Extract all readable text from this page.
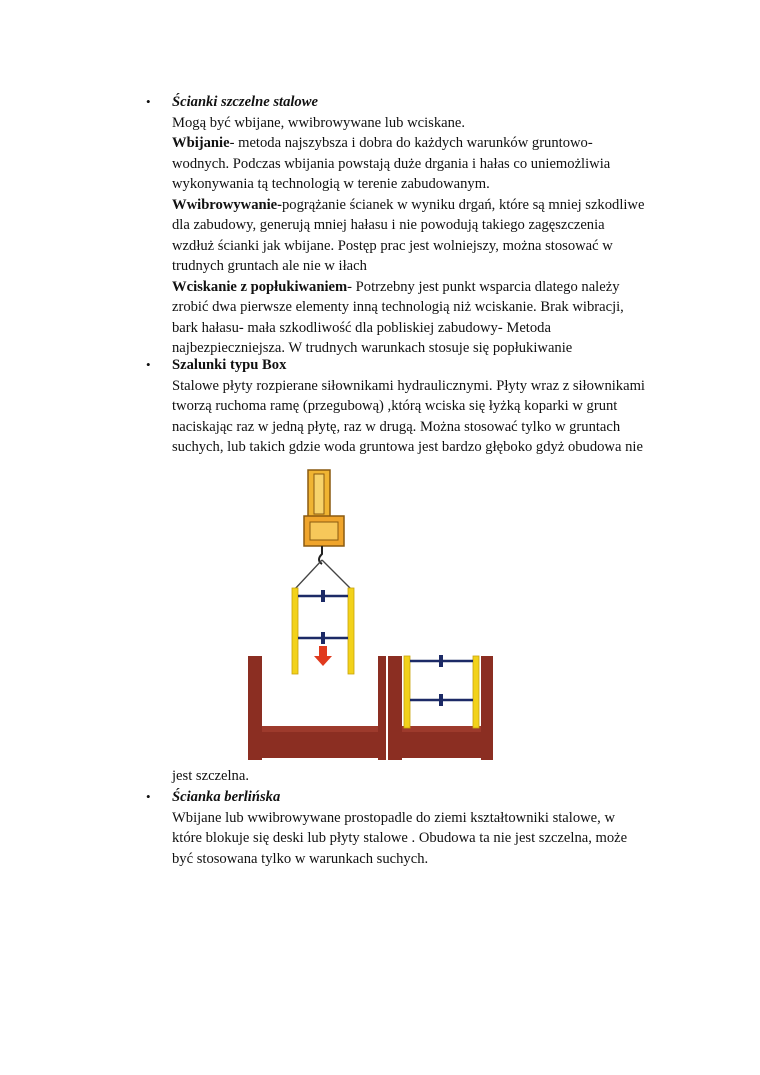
• Ścianki szczelne stalowe
Mogą być wbijane, wwibrowywane lub wciskane.
Wbijanie- metoda najszybsza i dobra do każdych warunków gruntowo-
wodnych. Podczas wbijania powstają duże drgania i hałas co uniemożliwia
wykonywania tą technologią w terenie zabudowanym.
Wwibrowywanie-pogrążanie ścianek w wyniku drgań, które są mniej szkodliwe
dla zabudowy, generują mniej hałasu i nie powodują takiego zagęszczenia
wzdłuż ścianki jak wbijane. Postęp prac jest wolniejszy, można stosować w
trudnych gruntach ale nie w iłach
Wciskanie z popłukiwaniem- Potrzebny jest punkt wsparcia dlatego należy
zrobić dwa pierwsze elementy inną technologią niż wciskanie. Brak wibracji,
bark hałasu- mała szkodliwość dla pobliskiej zabudowy- Metoda
najbezpieczniejsza. W trudnych warunkach stosuje się popłukiwanie
• Szalunki typu Box
Stalowe płyty rozpierane siłownikami hydraulicznymi. Płyty wraz z siłownikami
tworzą ruchoma ramę (przegubową) ,którą wciska się łyżką koparki w grunt
naciskając raz w jedną płytę, raz w drugą. Można stosować tylko w gruntach
suchych, lub takich gdzie woda gruntowa jest bardzo głęboko gdyż obudowa nie
jest szczelna.
• Ścianka berlińska
Wbijane lub wwibrowywane prostopadle do ziemi kształtowniki stalowe, w
które blokuje się deski lub płyty stalowe . Obudowa ta nie jest szczelna, może
być stosowana tylko w warunkach suchych.
